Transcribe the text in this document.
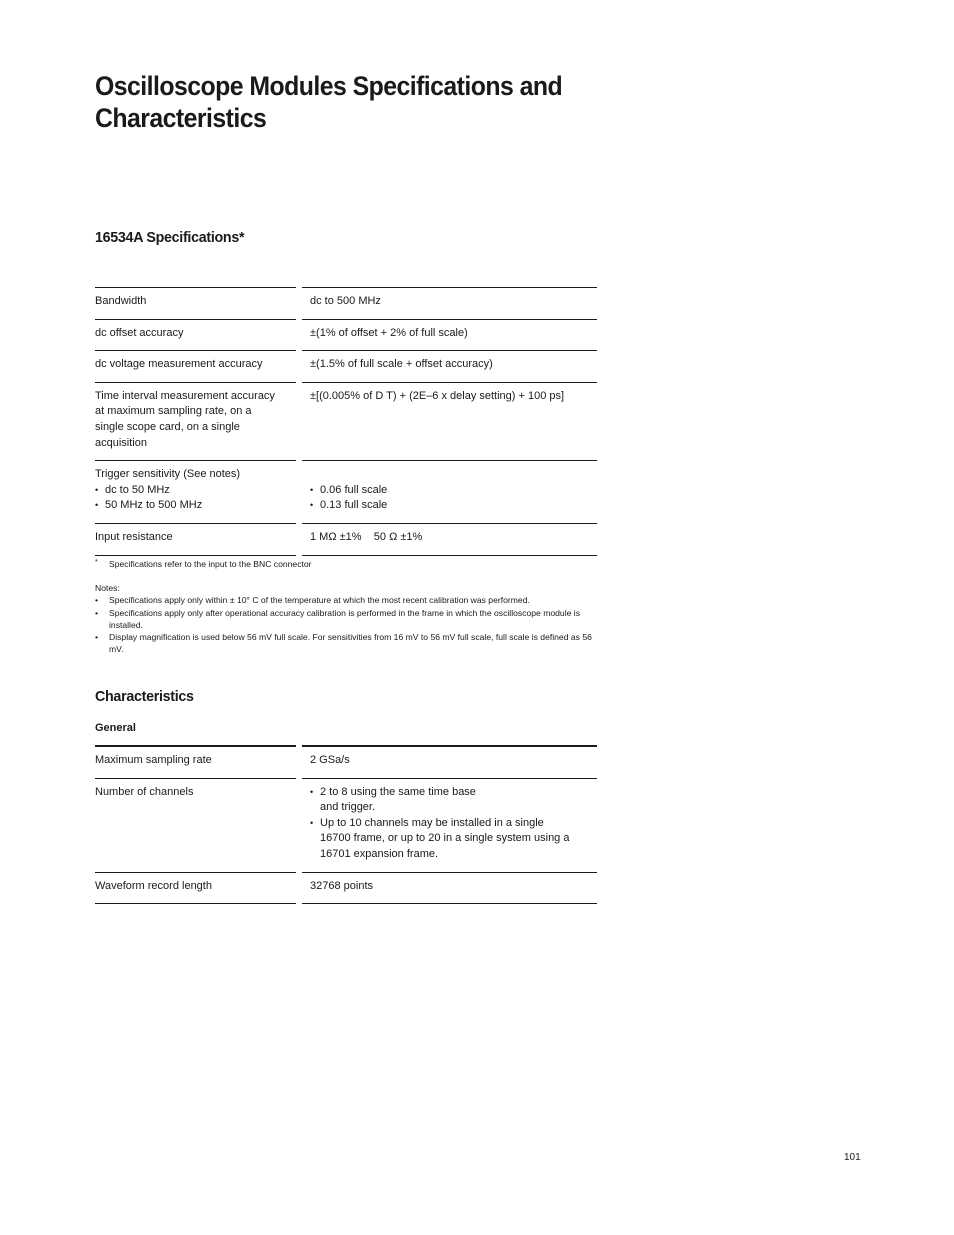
Oscilloscope Modules Specifications and Characteristics
16534A Specifications*
Bandwidth	dc to 500 MHz
dc offset accuracy	±(1% of offset + 2% of full scale)
dc voltage measurement accuracy	±(1.5% of full scale + offset accuracy)
Time interval measurement accuracy at maximum sampling rate, on a single scope card, on a single acquisition
±[(0.005% of D T) + (2E–6 x delay setting) + 100 ps]
Trigger sensitivity (See notes)
• dc to 50 MHz
• 50 MHz to 500 MHz
• 0.06 full scale
• 0.13 full scale
Input resistance	1 MΩ ±1%    50 Ω ±1%
* Specifications refer to the input to the BNC connector
Notes:
• Specifications apply only within ± 10° C of the temperature at which the most recent calibration was performed.
• Specifications apply only after operational accuracy calibration is performed in the frame in which the oscilloscope module is installed.
• Display magnification is used below 56 mV full scale. For sensitivities from 16 mV to 56 mV full scale, full scale is defined as 56 mV.
Characteristics
General
Maximum sampling rate	2 GSa/s
Number of channels
•	2 to 8 using the same time base and trigger.
• Up to 10 channels may be installed in a single 16700 frame, or up to 20 in a single system using a 16701 expansion frame.
Waveform record length	32768 points
101
